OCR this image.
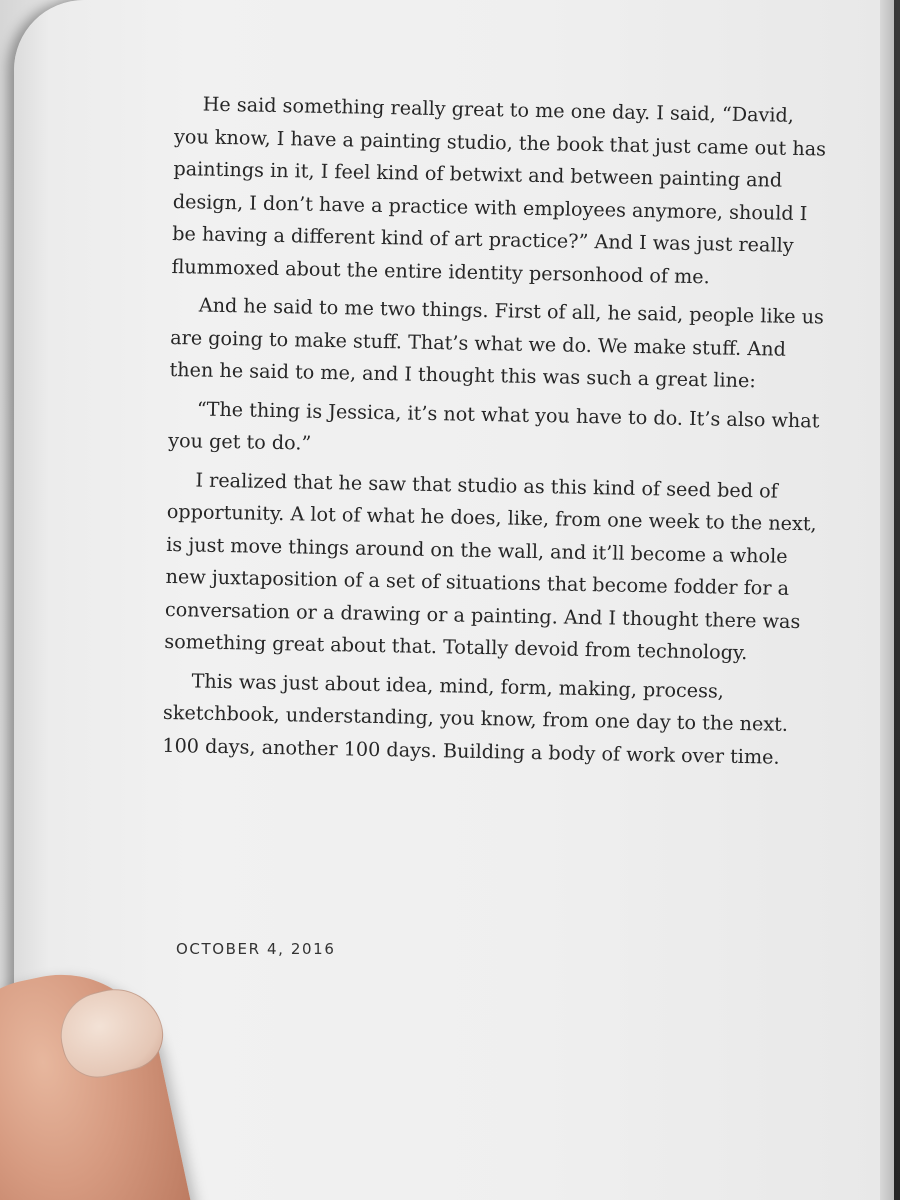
He said something really great to me one day. I said, “David, you know, I have a painting studio, the book that just came out has paintings in it, I feel kind of betwixt and between painting and design, I don’t have a practice with employees anymore, should I be having a different kind of art practice?” And I was just really flummoxed about the entire identity personhood of me.

And he said to me two things. First of all, he said, people like us are going to make stuff. That’s what we do. We make stuff. And then he said to me, and I thought this was such a great line:

“The thing is Jessica, it’s not what you have to do. It’s also what you get to do.”

I realized that he saw that studio as this kind of seed bed of opportunity. A lot of what he does, like, from one week to the next, is just move things around on the wall, and it’ll become a whole new juxtaposition of a set of situations that become fodder for a conversation or a drawing or a painting. And I thought there was something great about that. Totally devoid from technology.

This was just about idea, mind, form, making, process, sketchbook, understanding, you know, from one day to the next. 100 days, another 100 days. Building a body of work over time.

OCTOBER 4, 2016
